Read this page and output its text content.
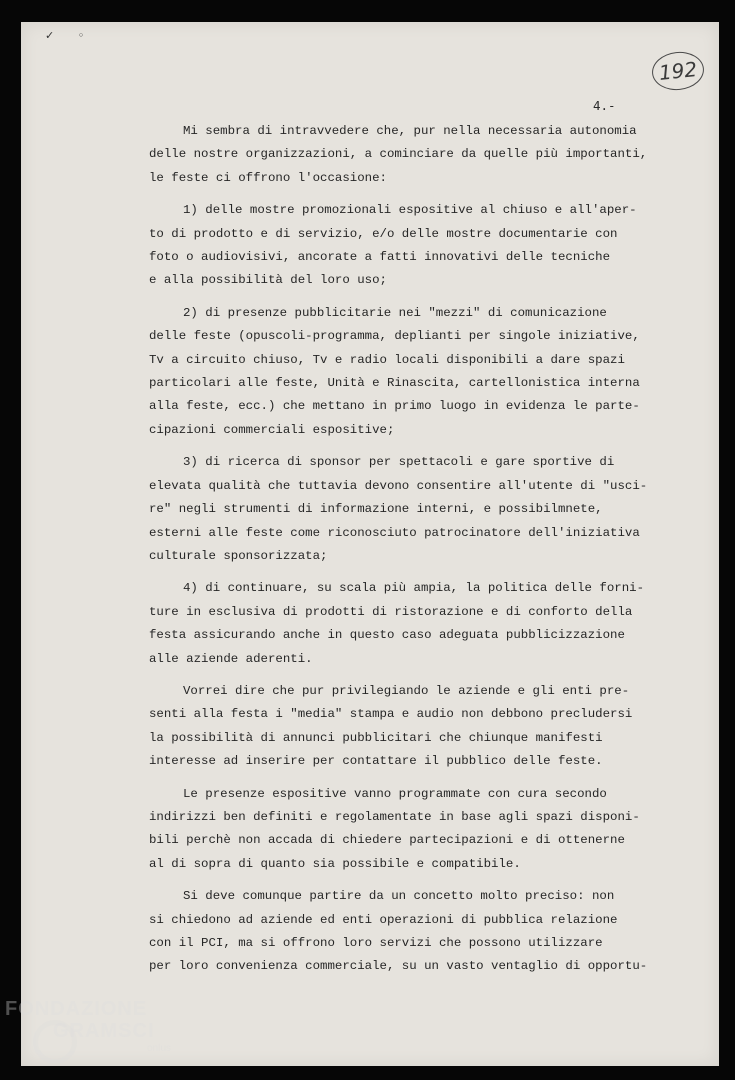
✓ ◦
192
4.-
Mi sembra di intravvedere che, pur nella necessaria autonomia
delle nostre organizzazioni, a cominciare da quelle più importanti,
le feste ci offrono l'occasione:
1) delle mostre promozionali espositive al chiuso e all'aper-
to di prodotto e di servizio, e/o delle mostre documentarie con
foto o audiovisivi, ancorate a fatti innovativi delle tecniche
e alla possibilità del loro uso;
2) di presenze pubblicitarie nei "mezzi" di comunicazione
delle feste (opuscoli-programma, deplianti per singole iniziative,
Tv a circuito chiuso, Tv e radio locali disponibili a dare spazi
particolari alle feste, Unità e Rinascita, cartellonistica interna
alla feste, ecc.) che mettano in primo luogo in evidenza le parte-
cipazioni commerciali espositive;
3) di ricerca di sponsor per spettacoli e gare sportive di
elevata qualità che tuttavia devono consentire all'utente di "usci-
re" negli strumenti di informazione interni, e possibilmnete,
esterni alle feste come riconosciuto patrocinatore dell'iniziativa
culturale sponsorizzata;
4) di continuare, su scala più ampia, la politica delle forni-
ture in esclusiva di prodotti di ristorazione e di conforto della
festa assicurando anche in questo caso adeguata pubblicizzazione
alle aziende aderenti.
Vorrei dire che pur privilegiando le aziende e gli enti pre-
senti alla festa i "media" stampa e audio non debbono precludersi
la possibilità di annunci pubblicitari che chiunque manifesti
interesse ad inserire per contattare il pubblico delle feste.
Le presenze espositive vanno programmate con cura secondo
indirizzi ben definiti e regolamentate in base agli spazi disponi-
bili perchè non accada di chiedere partecipazioni e di ottenerne
al di sopra di quanto sia possibile e compatibile.
Si deve comunque partire da un concetto molto preciso: non
si chiedono ad aziende ed enti operazioni di pubblica relazione
con il PCI, ma si offrono loro servizi che possono utilizzare
per loro convenienza commerciale, su un vasto ventaglio di opportu-
FONDAZIONE
GRAMSCI
onlus
